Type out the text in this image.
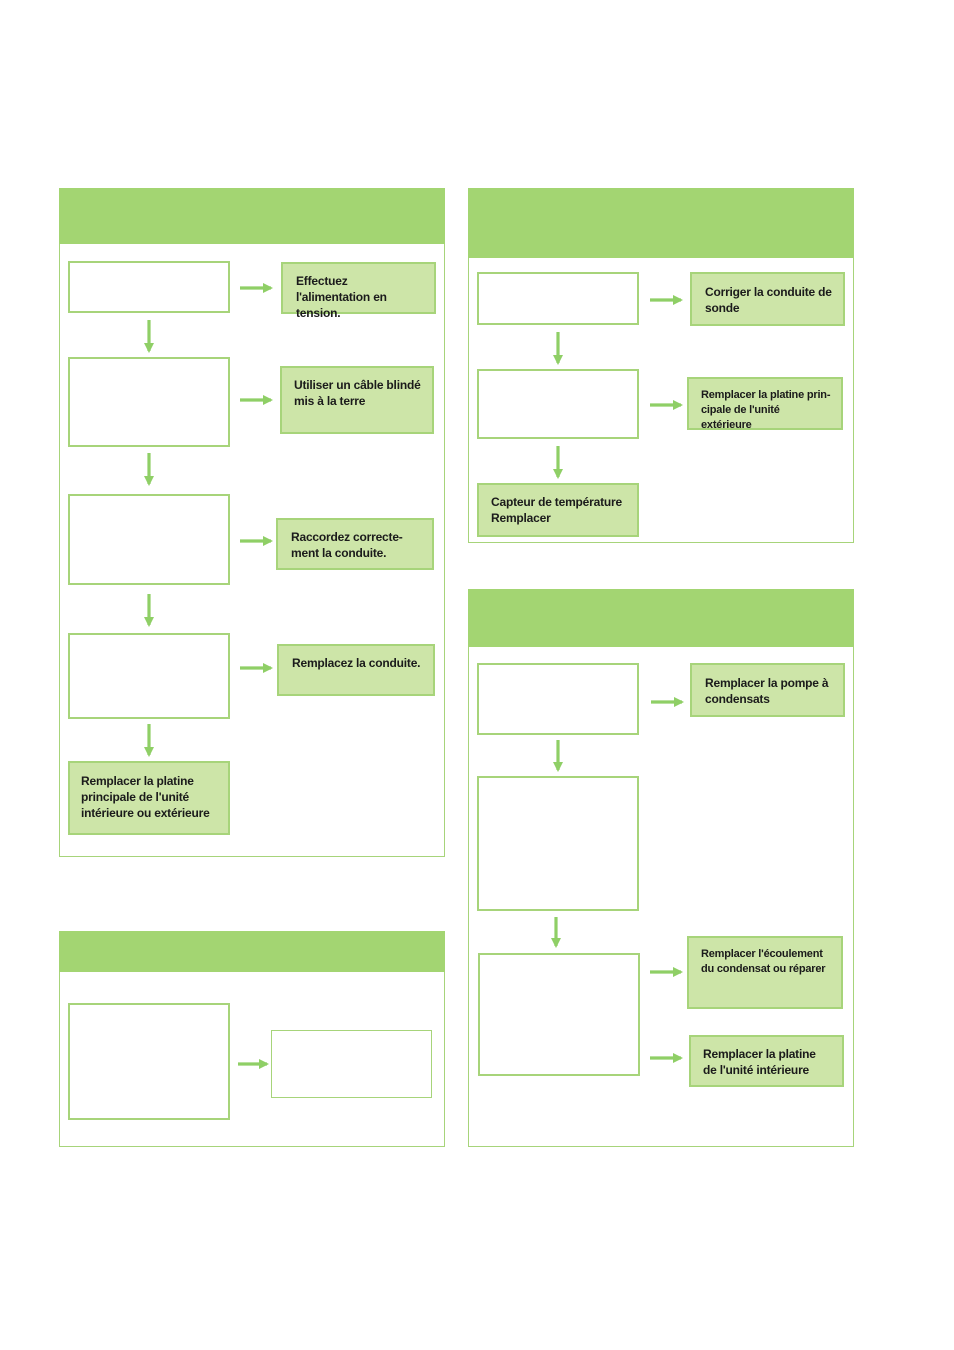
Effectuez l'alimentation en tension.
Utiliser un câble blindé mis à la terre
Raccordez correcte-ment la conduite.
Remplacez la conduite.
Remplacer la platine principale de l'unité intérieure ou extérieure
Corriger la conduite de sonde
Remplacer la platine prin-cipale de l'unité extérieure
Capteur de température Remplacer
Remplacer la pompe à condensats
Remplacer l'écoulement du condensat ou réparer
Remplacer la platine de l'unité intérieure
